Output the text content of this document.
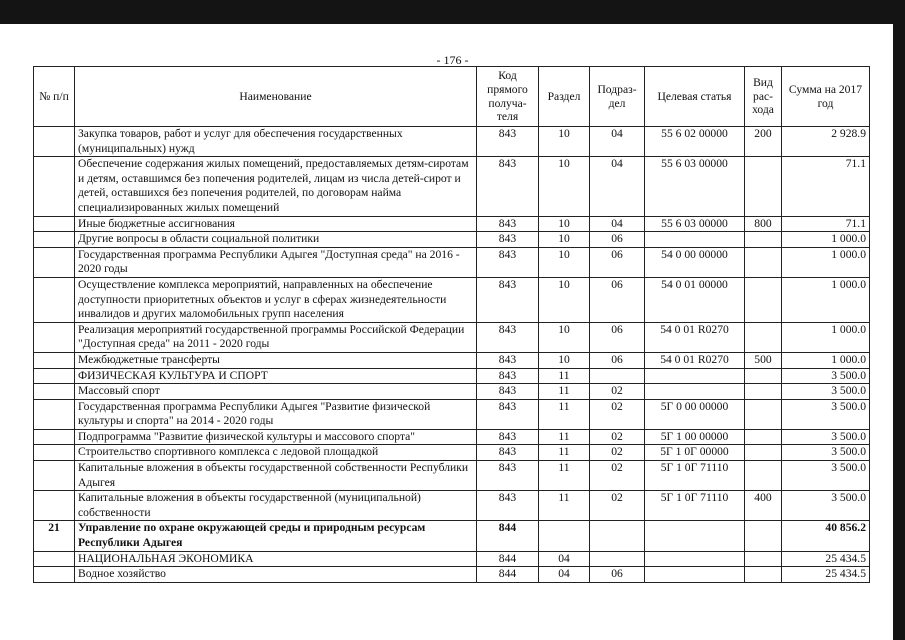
- 176 -
№ п/п	Наименование	Код прямого получа-теля	Раздел	Подраз-дел	Целевая статья	Вид рас-хода	Сумма на 2017 год
	Закупка товаров, работ и услуг для обеспечения государственных (муниципальных) нужд	843	10	04	55 6 02 00000	200	2 928.9
	Обеспечение содержания жилых помещений, предоставляемых детям-сиротам и детям, оставшимся без попечения родителей, лицам из числа детей-сирот и детей, оставшихся без попечения родителей, по договорам найма специализированных жилых помещений	843	10	04	55 6 03 00000		71.1
	Иные бюджетные ассигнования	843	10	04	55 6 03 00000	800	71.1
	Другие вопросы в области социальной политики	843	10	06			1 000.0
	Государственная программа Республики Адыгея "Доступная среда" на 2016 - 2020 годы	843	10	06	54 0 00 00000		1 000.0
	Осуществление комплекса мероприятий, направленных на обеспечение доступности приоритетных объектов и услуг в сферах жизнедеятельности инвалидов и других маломобильных групп населения	843	10	06	54 0 01 00000		1 000.0
	Реализация мероприятий государственной программы Российской Федерации "Доступная среда" на 2011 - 2020 годы	843	10	06	54 0 01 R0270		1 000.0
	Межбюджетные трансферты	843	10	06	54 0 01 R0270	500	1 000.0
	ФИЗИЧЕСКАЯ КУЛЬТУРА И СПОРТ	843	11				3 500.0
	Массовый спорт	843	11	02			3 500.0
	Государственная программа Республики Адыгея "Развитие физической культуры и спорта" на 2014 - 2020 годы	843	11	02	5Г 0 00 00000		3 500.0
	Подпрограмма "Развитие физической культуры и массового спорта"	843	11	02	5Г 1 00 00000		3 500.0
	Строительство спортивного комплекса с ледовой площадкой	843	11	02	5Г 1 0Г 00000		3 500.0
	Капитальные вложения в объекты государственной собственности Республики Адыгея	843	11	02	5Г 1 0Г 71110		3 500.0
	Капитальные вложения в объекты государственной (муниципальной) собственности	843	11	02	5Г 1 0Г 71110	400	3 500.0
21	Управление по охране окружающей среды и природным ресурсам Республики Адыгея	844					40 856.2
	НАЦИОНАЛЬНАЯ ЭКОНОМИКА	844	04				25 434.5
	Водное хозяйство	844	04	06			25 434.5
